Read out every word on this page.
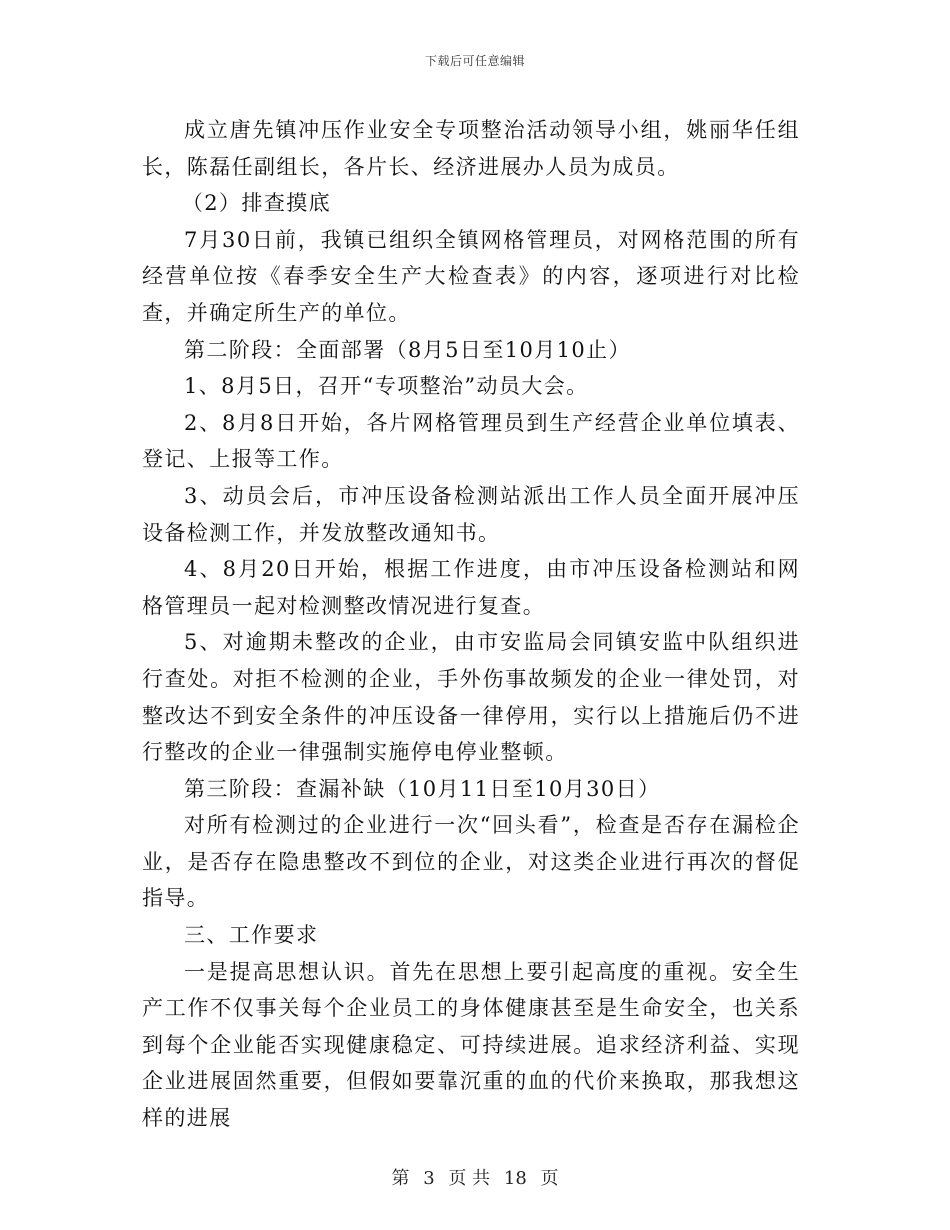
下载后可任意编辑

成立唐先镇冲压作业安全专项整治活动领导小组，姚丽华任组长，陈磊任副组长，各片长、经济进展办人员为成员。

（2）排查摸底

7月30日前，我镇已组织全镇网格管理员，对网格范围的所有经营单位按《春季安全生产大检查表》的内容，逐项进行对比检查，并确定所生产的单位。

第二阶段：全面部署（8月5日至10月10止）

1、8月5日，召开“专项整治”动员大会。

2、8月8日开始，各片网格管理员到生产经营企业单位填表、登记、上报等工作。

3、动员会后，市冲压设备检测站派出工作人员全面开展冲压设备检测工作，并发放整改通知书。

4、8月20日开始，根据工作进度，由市冲压设备检测站和网格管理员一起对检测整改情况进行复查。

5、对逾期未整改的企业，由市安监局会同镇安监中队组织进行查处。对拒不检测的企业，手外伤事故频发的企业一律处罚，对整改达不到安全条件的冲压设备一律停用，实行以上措施后仍不进行整改的企业一律强制实施停电停业整顿。

第三阶段：查漏补缺（10月11日至10月30日）

对所有检测过的企业进行一次“回头看”，检查是否存在漏检企业，是否存在隐患整改不到位的企业，对这类企业进行再次的督促指导。

三、工作要求

一是提高思想认识。首先在思想上要引起高度的重视。安全生产工作不仅事关每个企业员工的身体健康甚至是生命安全，也关系到每个企业能否实现健康稳定、可持续进展。追求经济利益、实现企业进展固然重要，但假如要靠沉重的血的代价来换取，那我想这样的进展

第 3 页 共 18 页
